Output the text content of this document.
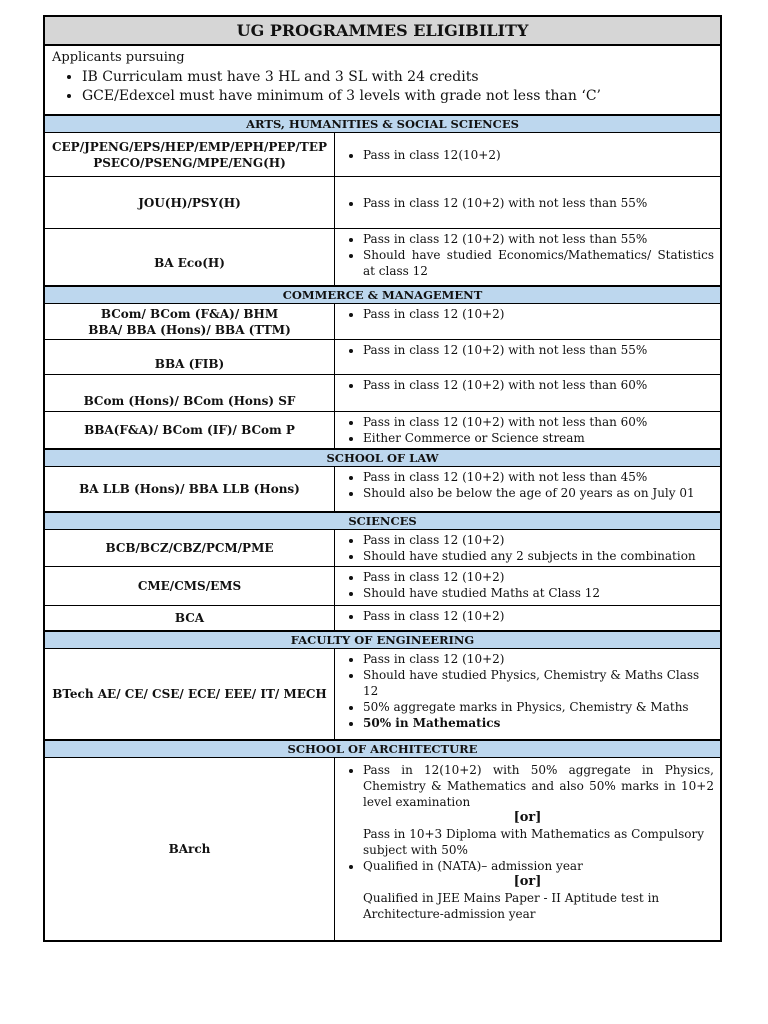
UG PROGRAMMES ELIGIBILITY
Applicants pursuing
• IB Curriculam must have 3 HL and 3 SL with 24 credits
• GCE/Edexcel must have minimum of 3 levels with grade not less than ‘C’
ARTS, HUMANITIES & SOCIAL SCIENCES
CEP/JPENG/EPS/HEP/EMP/EPH/PEP/TEP
PSECO/PSENG/MPE/ENG(H)
• Pass in class 12(10+2)
JOU(H)/PSY(H)	• Pass in class 12 (10+2) with not less than 55%
BA Eco(H)
• Pass in class 12 (10+2) with not less than 55%
• Should have studied Economics/Mathematics/ Statistics at class 12
COMMERCE & MANAGEMENT
BCom/ BCom (F&A)/ BHM
BBA/ BBA (Hons)/ BBA (TTM)
• Pass in class 12 (10+2)
BBA (FIB)
• Pass in class 12 (10+2) with not less than 55%
BCom (Hons)/ BCom (Hons) SF
• Pass in class 12 (10+2) with not less than 60%
BBA(F&A)/ BCom (IF)/ BCom P
• Pass in class 12 (10+2) with not less than 60%
• Either Commerce or Science stream
SCHOOL OF LAW
BA LLB (Hons)/ BBA LLB (Hons)
• Pass in class 12 (10+2) with not less than 45%
• Should also be below the age of 20 years as on July 01
SCIENCES
BCB/BCZ/CBZ/PCM/PME
• Pass in class 12 (10+2)
• Should have studied any 2 subjects in the combination
CME/CMS/EMS
• Pass in class 12 (10+2)
• Should have studied Maths at Class 12
BCA	• Pass in class 12 (10+2)
FACULTY OF ENGINEERING
BTech AE/ CE/ CSE/ ECE/ EEE/ IT/ MECH
• Pass in class 12 (10+2)
• Should have studied Physics, Chemistry & Maths Class 12
• 50% aggregate marks in Physics, Chemistry & Maths
• 50% in Mathematics
SCHOOL OF ARCHITECTURE
BArch
• Pass in 12(10+2) with 50% aggregate in Physics, Chemistry & Mathematics and also 50% marks in 10+2 level examination
[or]
Pass in 10+3 Diploma with Mathematics as Compulsory subject with 50%
• Qualified in (NATA)– admission year
[or]
Qualified in JEE Mains Paper - II Aptitude test in Architecture-admission year
